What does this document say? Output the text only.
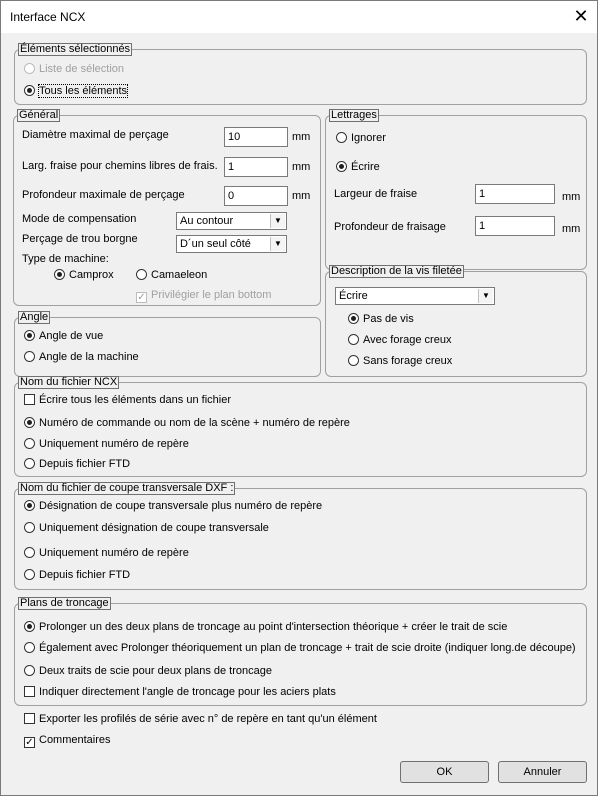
Interface NCX	✕
Éléments sélectionnés
Liste de sélection
Tous les éléments
Général
Diamètre maximal de perçage	10	mm
Larg. fraise pour chemins libres de frais. 1	mm
Profondeur maximale de perçage	0	mm
Mode de compensation	Au contour	▼
Perçage de trou borgne	D´un seul côté	▼
Type de machine:
Camprox	Camaeleon
✓ Privilégier le plan bottom
Lettrages
Ignorer
Écrire
Largeur de fraise	1	mm
Profondeur de fraisage	1	mm
Description de la vis filetée
Écrire	▼
Pas de vis
Avec forage creux
Sans forage creux
Angle
Angle de vue
Angle de la machine
Nom du fichier NCX
Écrire tous les éléments dans un fichier
Numéro de commande ou nom de la scène + numéro de repère
Uniquement numéro de repère
Depuis fichier FTD
Nom du fichier de coupe transversale DXF :
Désignation de coupe transversale plus numéro de repère
Uniquement désignation de coupe transversale
Uniquement numéro de repère
Depuis fichier FTD
Plans de troncage
Prolonger un des deux plans de troncage au point d'intersection théorique + créer le trait de scie
Également avec Prolonger théoriquement un plan de troncage + trait de scie droite (indiquer long.de découpe)
Deux traits de scie pour deux plans de troncage
Indiquer directement l'angle de troncage pour les aciers plats
Exporter les profilés de série avec n° de repère en tant qu'un élément
✓ Commentaires
OK	Annuler
